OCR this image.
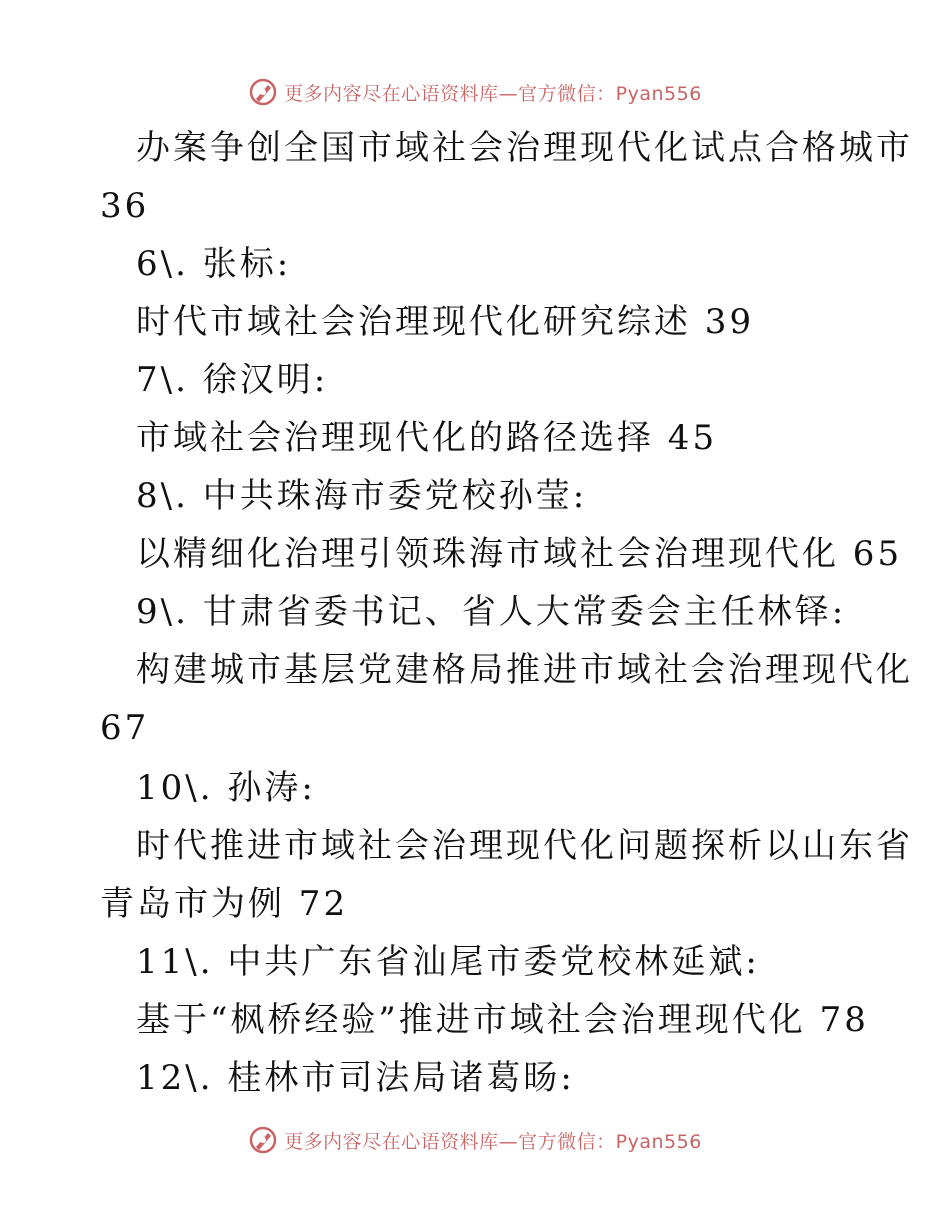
更多内容尽在心语资料库—官方微信：Pyan556
办案争创全国市域社会治理现代化试点合格城市
36
6\. 张标:
时代市域社会治理现代化研究综述 39
7\. 徐汉明:
市域社会治理现代化的路径选择 45
8\. 中共珠海市委党校孙莹:
以精细化治理引领珠海市域社会治理现代化 65
9\. 甘肃省委书记、省人大常委会主任林铎:
构建城市基层党建格局推进市域社会治理现代化
67
10\. 孙涛:
时代推进市域社会治理现代化问题探析以山东省
青岛市为例 72
11\. 中共广东省汕尾市委党校林延斌:
基于“枫桥经验”推进市域社会治理现代化 78
12\. 桂林市司法局诸葛旸:
更多内容尽在心语资料库—官方微信：Pyan556
